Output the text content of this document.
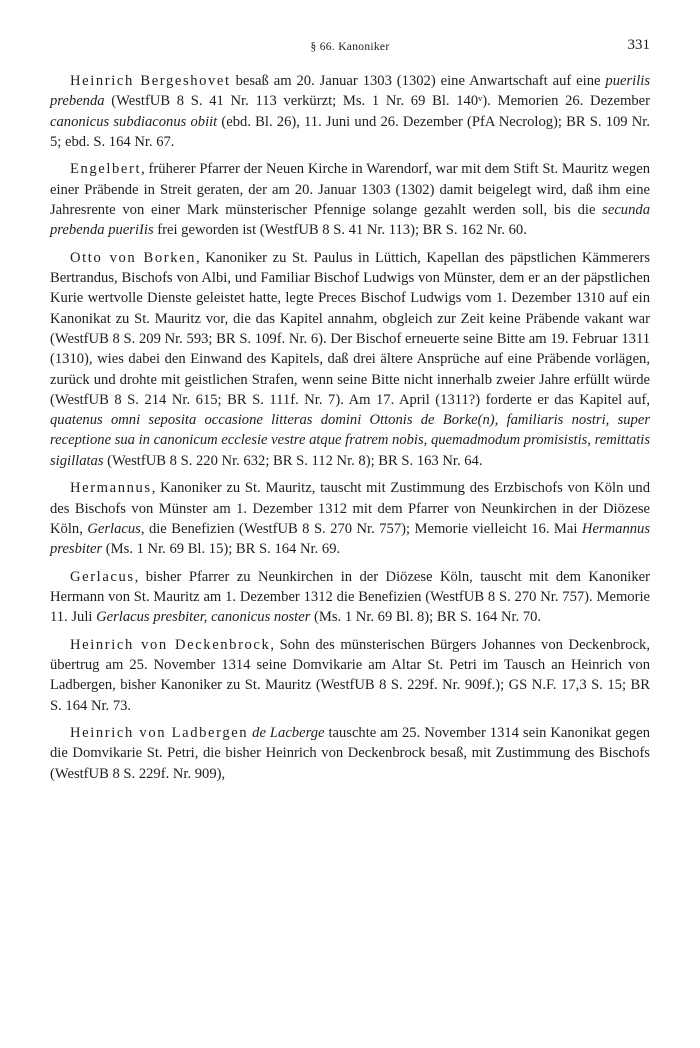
§ 66. Kanoniker	331

Heinrich Bergeshovet besaß am 20. Januar 1303 (1302) eine Anwartschaft auf eine puerilis prebenda (WestfUB 8 S. 41 Nr. 113 verkürzt; Ms. 1 Nr. 69 Bl. 140ᵛ). Memorien 26. Dezember canonicus subdiaconus obiit (ebd. Bl. 26), 11. Juni und 26. Dezember (PfA Necrolog); BR S. 109 Nr. 5; ebd. S. 164 Nr. 67.

Engelbert, früherer Pfarrer der Neuen Kirche in Warendorf, war mit dem Stift St. Mauritz wegen einer Präbende in Streit geraten, der am 20. Januar 1303 (1302) damit beigelegt wird, daß ihm eine Jahresrente von einer Mark münsterischer Pfennige solange gezahlt werden soll, bis die secunda prebenda pueriIis frei geworden ist (WestfUB 8 S. 41 Nr. 113); BR S. 162 Nr. 60.

Otto von Borken, Kanoniker zu St. Paulus in Lüttich, Kapellan des päpstlichen Kämmerers Bertrandus, Bischofs von Albi, und Familiar Bischof Ludwigs von Münster, dem er an der päpstlichen Kurie wertvolle Dienste geleistet hatte, legte Preces Bischof Ludwigs vom 1. Dezember 1310 auf ein Kanonikat zu St. Mauritz vor, die das Kapitel annahm, obgleich zur Zeit keine Präbende vakant war (WestfUB 8 S. 209 Nr. 593; BR S. 109f. Nr. 6). Der Bischof erneuerte seine Bitte am 19. Februar 1311 (1310), wies dabei den Einwand des Kapitels, daß drei ältere Ansprüche auf eine Präbende vorlägen, zurück und drohte mit geistlichen Strafen, wenn seine Bitte nicht innerhalb zweier Jahre erfüllt würde (WestfUB 8 S. 214 Nr. 615; BR S. 111f. Nr. 7). Am 17. April (1311?) forderte er das Kapitel auf, quatenus omni seposita occasione litteras domini Ottonis de Borke(n), familiaris nostri, super receptione sua in canonicum ecclesie vestre atque fratrem nobis, quemadmodum promisistis, remittatis sigillatas (WestfUB 8 S. 220 Nr. 632; BR S. 112 Nr. 8); BR S. 163 Nr. 64.

Hermannus, Kanoniker zu St. Mauritz, tauscht mit Zustimmung des Erzbischofs von Köln und des Bischofs von Münster am 1. Dezember 1312 mit dem Pfarrer von Neunkirchen in der Diözese Köln, Gerlacus, die Benefizien (WestfUB 8 S. 270 Nr. 757); Memorie vielleicht 16. Mai Hermannus presbiter (Ms. 1 Nr. 69 Bl. 15); BR S. 164 Nr. 69.

Gerlacus, bisher Pfarrer zu Neunkirchen in der Diözese Köln, tauscht mit dem Kanoniker Hermann von St. Mauritz am 1. Dezember 1312 die Benefizien (WestfUB 8 S. 270 Nr. 757). Memorie 11. Juli Gerlacus presbiter, canonicus noster (Ms. 1 Nr. 69 Bl. 8); BR S. 164 Nr. 70.

Heinrich von Deckenbrock, Sohn des münsterischen Bürgers Johannes von Deckenbrock, übertrug am 25. November 1314 seine Domvikarie am Altar St. Petri im Tausch an Heinrich von Ladbergen, bisher Kanoniker zu St. Mauritz (WestfUB 8 S. 229f. Nr. 909f.); GS N.F. 17,3 S. 15; BR S. 164 Nr. 73.

Heinrich von Ladbergen de Lacberge tauschte am 25. November 1314 sein Kanonikat gegen die Domvikarie St. Petri, die bisher Heinrich von Deckenbrock besaß, mit Zustimmung des Bischofs (WestfUB 8 S. 229f. Nr. 909),
